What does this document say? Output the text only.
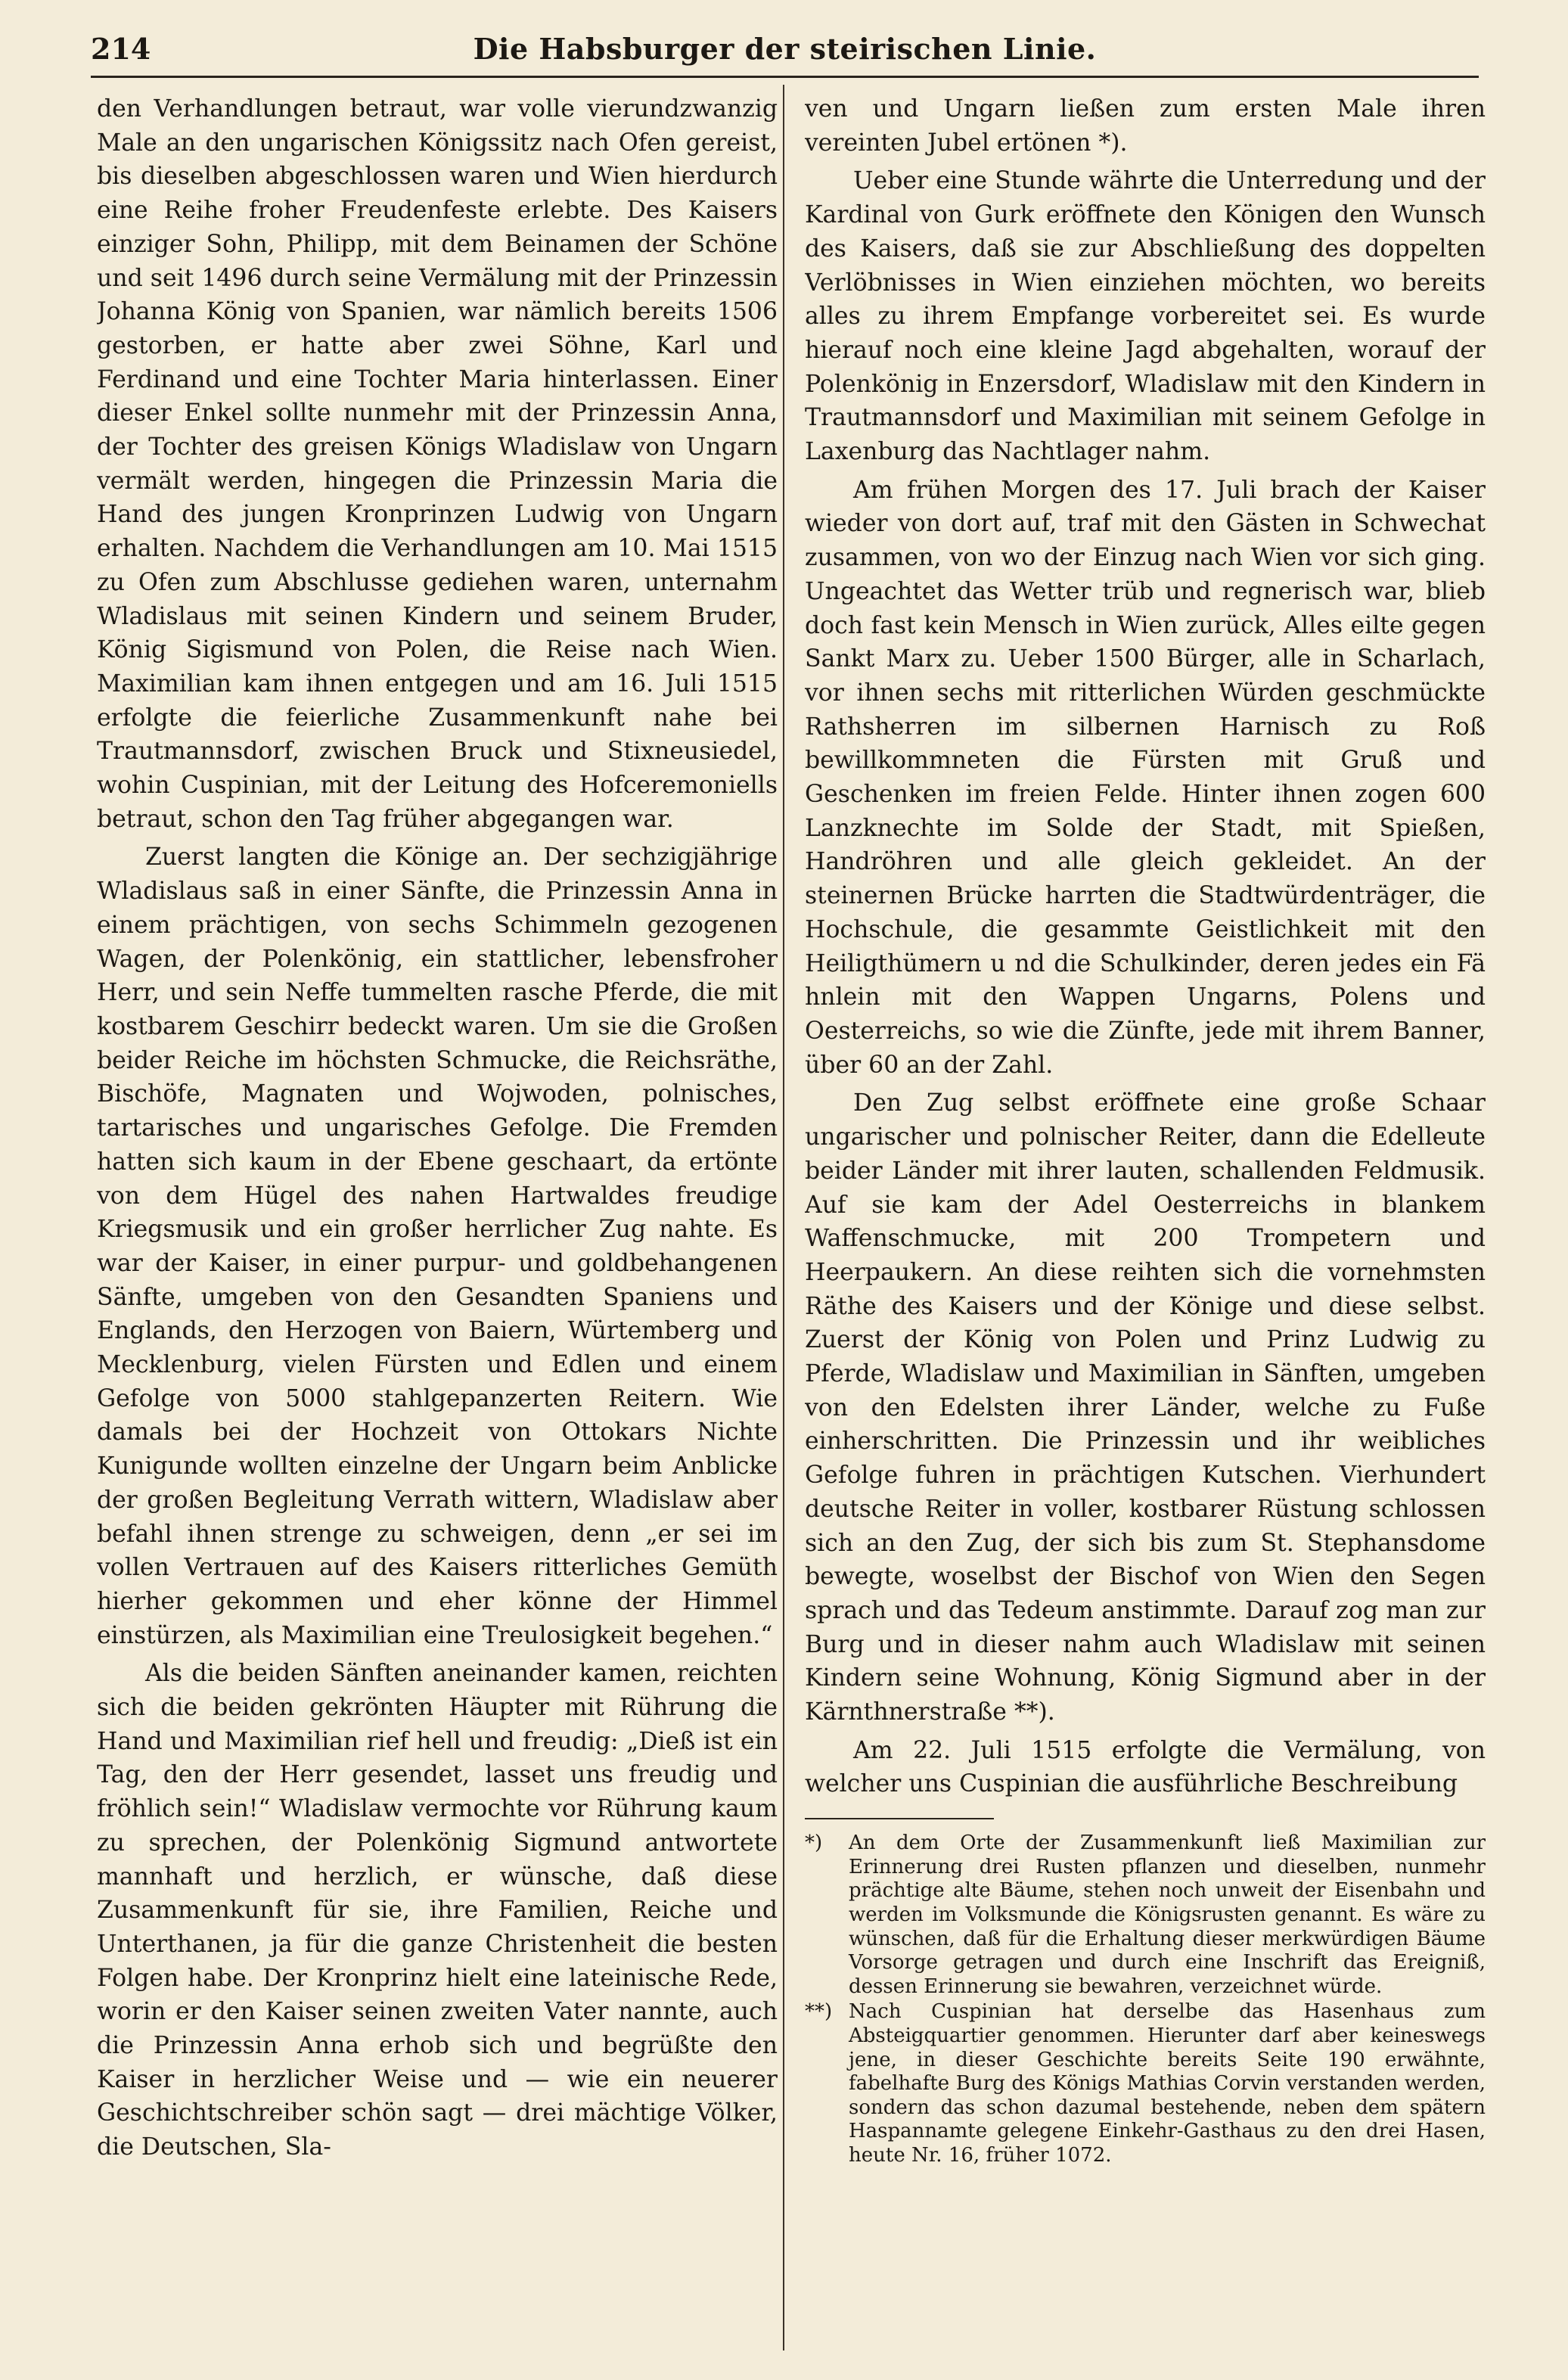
214	Die Habsburger der steirischen Linie.

den Verhandlungen betraut, war volle vierundzwanzig Male an den ungarischen Königssitz nach Ofen gereist, bis dieselben abgeschlossen waren und Wien hierdurch eine Reihe froher Freudenfeste erlebte. Des Kaisers einziger Sohn, Philipp, mit dem Beinamen der Schöne und seit 1496 durch seine Vermälung mit der Prinzessin Johanna König von Spanien, war nämlich bereits 1506 gestorben, er hatte aber zwei Söhne, Karl und Ferdinand und eine Tochter Maria hinterlassen. Einer dieser Enkel sollte nunmehr mit der Prinzessin Anna, der Tochter des greisen Königs Wladislaw von Ungarn vermält werden, hingegen die Prinzessin Maria die Hand des jungen Kronprinzen Ludwig von Ungarn erhalten. Nachdem die Verhandlungen am 10. Mai 1515 zu Ofen zum Abschlusse gediehen waren, unternahm Wladislaus mit seinen Kindern und seinem Bruder, König Sigismund von Polen, die Reise nach Wien. Maximilian kam ihnen entgegen und am 16. Juli 1515 erfolgte die feierliche Zusammenkunft nahe bei Trautmannsdorf, zwischen Bruck und Stixneusiedel, wohin Cuspinian, mit der Leitung des Hofceremoniells betraut, schon den Tag früher abgegangen war.

Zuerst langten die Könige an. Der sechzigjährige Wladislaus saß in einer Sänfte, die Prinzessin Anna in einem prächtigen, von sechs Schimmeln gezogenen Wagen, der Polenkönig, ein stattlicher, lebensfroher Herr, und sein Neffe tummelten rasche Pferde, die mit kostbarem Geschirr bedeckt waren. Um sie die Großen beider Reiche im höchsten Schmucke, die Reichsräthe, Bischöfe, Magnaten und Wojwoden, polnisches, tartarisches und ungarisches Gefolge. Die Fremden hatten sich kaum in der Ebene geschaart, da ertönte von dem Hügel des nahen Hartwaldes freudige Kriegsmusik und ein großer herrlicher Zug nahte. Es war der Kaiser, in einer purpur- und goldbehangenen Sänfte, umgeben von den Gesandten Spaniens und Englands, den Herzogen von Baiern, Würtemberg und Mecklenburg, vielen Fürsten und Edlen und einem Gefolge von 5000 stahlgepanzerten Reitern. Wie damals bei der Hochzeit von Ottokars Nichte Kunigunde wollten einzelne der Ungarn beim Anblicke der großen Begleitung Verrath wittern, Wladislaw aber befahl ihnen strenge zu schweigen, denn „er sei im vollen Vertrauen auf des Kaisers ritterliches Gemüth hierher gekommen und eher könne der Himmel einstürzen, als Maximilian eine Treulosigkeit begehen.“

Als die beiden Sänften aneinander kamen, reichten sich die beiden gekrönten Häupter mit Rührung die Hand und Maximilian rief hell und freudig: „Dieß ist ein Tag, den der Herr gesendet, lasset uns freudig und fröhlich sein!“ Wladislaw vermochte vor Rührung kaum zu sprechen, der Polenkönig Sigmund antwortete mannhaft und herzlich, er wünsche, daß diese Zusammenkunft für sie, ihre Familien, Reiche und Unterthanen, ja für die ganze Christenheit die besten Folgen habe. Der Kronprinz hielt eine lateinische Rede, worin er den Kaiser seinen zweiten Vater nannte, auch die Prinzessin Anna erhob sich und begrüßte den Kaiser in herzlicher Weise und — wie ein neuerer Geschichtschreiber schön sagt — drei mächtige Völker, die Deutschen, Sla-

ven und Ungarn ließen zum ersten Male ihren vereinten Jubel ertönen *).

Ueber eine Stunde währte die Unterredung und der Kardinal von Gurk eröffnete den Königen den Wunsch des Kaisers, daß sie zur Abschließung des doppelten Verlöbnisses in Wien einziehen möchten, wo bereits alles zu ihrem Empfange vorbereitet sei. Es wurde hierauf noch eine kleine Jagd abgehalten, worauf der Polenkönig in Enzersdorf, Wladislaw mit den Kindern in Trautmannsdorf und Maximilian mit seinem Gefolge in Laxenburg das Nachtlager nahm.

Am frühen Morgen des 17. Juli brach der Kaiser wieder von dort auf, traf mit den Gästen in Schwechat zusammen, von wo der Einzug nach Wien vor sich ging. Ungeachtet das Wetter trüb und regnerisch war, blieb doch fast kein Mensch in Wien zurück, Alles eilte gegen Sankt Marx zu. Ueber 1500 Bürger, alle in Scharlach, vor ihnen sechs mit ritterlichen Würden geschmückte Rathsherren im silbernen Harnisch zu Roß bewillkommneten die Fürsten mit Gruß und Geschenken im freien Felde. Hinter ihnen zogen 600 Lanzknechte im Solde der Stadt, mit Spießen, Handröhren und alle gleich gekleidet. An der steinernen Brücke harrten die Stadtwürdenträger, die Hochschule, die gesammte Geistlichkeit mit den Heiligthümern u nd die Schulkinder, deren jedes ein Fä hnlein mit den Wappen Ungarns, Polens und Oesterreichs, so wie die Zünfte, jede mit ihrem Banner, über 60 an der Zahl.

Den Zug selbst eröffnete eine große Schaar ungarischer und polnischer Reiter, dann die Edelleute beider Länder mit ihrer lauten, schallenden Feldmusik. Auf sie kam der Adel Oesterreichs in blankem Waffenschmucke, mit 200 Trompetern und Heerpaukern. An diese reihten sich die vornehmsten Räthe des Kaisers und der Könige und diese selbst. Zuerst der König von Polen und Prinz Ludwig zu Pferde, Wladislaw und Maximilian in Sänften, umgeben von den Edelsten ihrer Länder, welche zu Fuße einherschritten. Die Prinzessin und ihr weibliches Gefolge fuhren in prächtigen Kutschen. Vierhundert deutsche Reiter in voller, kostbarer Rüstung schlossen sich an den Zug, der sich bis zum St. Stephansdome bewegte, woselbst der Bischof von Wien den Segen sprach und das Tedeum anstimmte. Darauf zog man zur Burg und in dieser nahm auch Wladislaw mit seinen Kindern seine Wohnung, König Sigmund aber in der Kärnthnerstraße **).

Am 22. Juli 1515 erfolgte die Vermälung, von welcher uns Cuspinian die ausführliche Beschreibung

*) An dem Orte der Zusammenkunft ließ Maximilian zur Erinnerung drei Rusten pflanzen und dieselben, nunmehr prächtige alte Bäume, stehen noch unweit der Eisenbahn und werden im Volksmunde die Königsrusten genannt. Es wäre zu wünschen, daß für die Erhaltung dieser merkwürdigen Bäume Vorsorge getragen und durch eine Inschrift das Ereigniß, dessen Erinnerung sie bewahren, verzeichnet würde.
**) Nach Cuspinian hat derselbe das Hasenhaus zum Absteigquartier genommen. Hierunter darf aber keineswegs jene, in dieser Geschichte bereits Seite 190 erwähnte, fabelhafte Burg des Königs Mathias Corvin verstanden werden, sondern das schon dazumal bestehende, neben dem spätern Haspannamte gelegene Einkehr-Gasthaus zu den drei Hasen, heute Nr. 16, früher 1072.
